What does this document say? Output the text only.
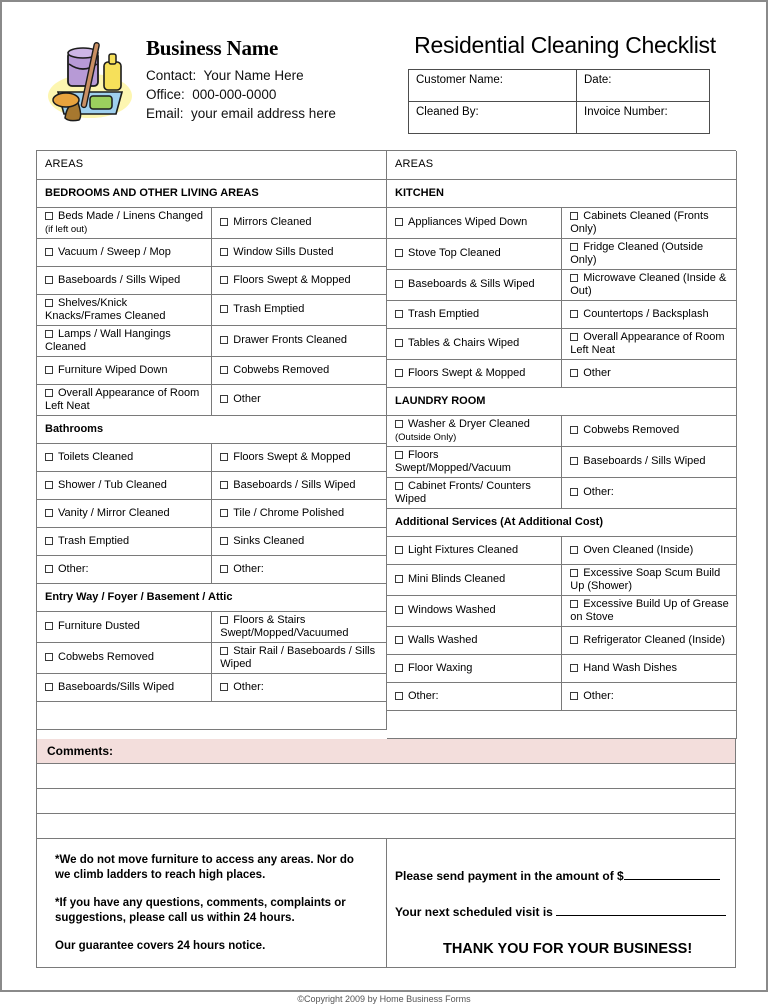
Business Name
Contact:  Your Name Here
Office:  000-000-0000
Email:  your email address here
Residential Cleaning Checklist
Customer Name:	Date:
Cleaned By:	Invoice Number:
AREAS	
BEDROOMS AND OTHER LIVING AREAS	
Beds Made / Linens Changed (if left out)	Mirrors Cleaned
Vacuum / Sweep / Mop	Window Sills Dusted
Baseboards / Sills Wiped	Floors Swept & Mopped
Shelves/Knick Knacks/Frames Cleaned	Trash Emptied
Lamps / Wall Hangings Cleaned	Drawer Fronts Cleaned
Furniture Wiped Down	Cobwebs Removed
Overall Appearance of Room Left Neat	Other
Bathrooms	
Toilets Cleaned	Floors Swept & Mopped
Shower / Tub Cleaned	Baseboards / Sills Wiped
Vanity / Mirror Cleaned	Tile / Chrome Polished
Trash Emptied	Sinks Cleaned
Other:	Other:
Entry Way / Foyer / Basement / Attic	
Furniture Dusted	Floors & Stairs Swept/Mopped/Vacuumed
Cobwebs Removed	Stair Rail / Baseboards / Sills Wiped
Baseboards/Sills Wiped	Other:

AREAS	
KITCHEN	
Appliances Wiped Down	Cabinets Cleaned (Fronts Only)
Stove Top Cleaned	Fridge Cleaned (Outside Only)
Baseboards & Sills Wiped	Microwave Cleaned (Inside & Out)
Trash Emptied	Countertops / Backsplash
Tables & Chairs Wiped	Overall Appearance of Room Left Neat
Floors Swept & Mopped	Other
LAUNDRY ROOM	
Washer & Dryer Cleaned (Outside Only)	Cobwebs Removed
Floors Swept/Mopped/Vacuum	Baseboards / Sills Wiped
Cabinet Fronts/ Counters Wiped	Other:
Additional Services (At Additional Cost)	
Light Fixtures Cleaned	Oven Cleaned (Inside)
Mini Blinds Cleaned	Excessive Soap Scum Build Up (Shower)
Windows Washed	Excessive Build Up of Grease on Stove
Walls Washed	Refrigerator Cleaned (Inside)
Floor Waxing	Hand Wash Dishes
Other:	Other:

Comments:

*We do not move furniture to access any areas. Nor do we climb ladders to reach high places.

*If you have any questions, comments, complaints or suggestions, please call us within 24 hours.

Our guarantee covers 24 hours notice.

Please send payment in the amount of $
Your next scheduled visit is
THANK YOU FOR YOUR BUSINESS!
©Copyright 2009 by Home Business Forms
